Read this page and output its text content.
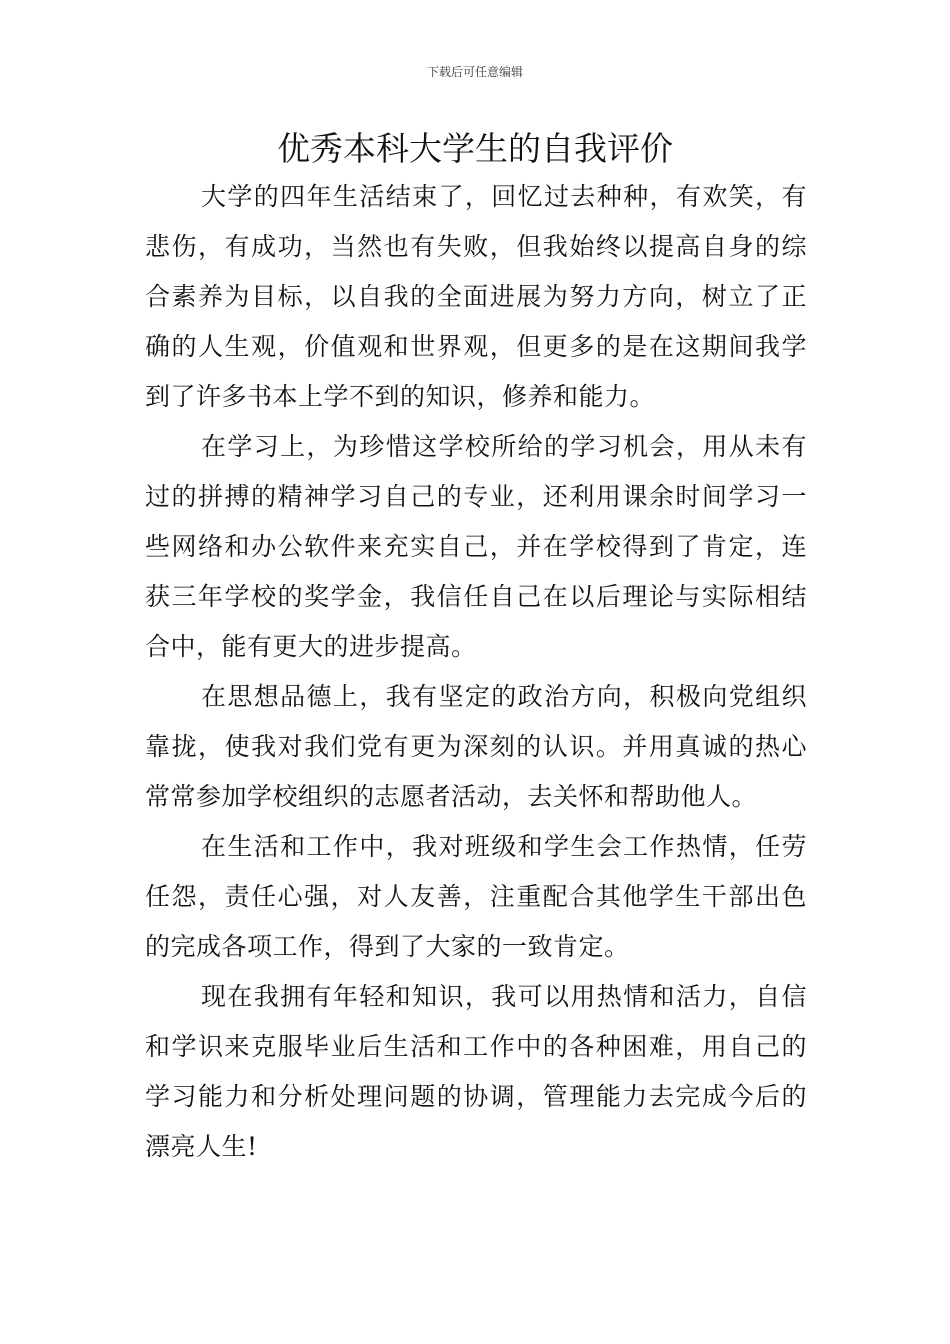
下载后可任意编辑
优秀本科大学生的自我评价

大学的四年生活结束了，回忆过去种种，有欢笑，有悲伤，有成功，当然也有失败，但我始终以提高自身的综合素养为目标，以自我的全面进展为努力方向，树立了正确的人生观，价值观和世界观，但更多的是在这期间我学到了许多书本上学不到的知识，修养和能力。

在学习上，为珍惜这学校所给的学习机会，用从未有过的拼搏的精神学习自己的专业，还利用课余时间学习一些网络和办公软件来充实自己，并在学校得到了肯定，连获三年学校的奖学金，我信任自己在以后理论与实际相结合中，能有更大的进步提高。

在思想品德上，我有坚定的政治方向，积极向党组织靠拢，使我对我们党有更为深刻的认识。并用真诚的热心常常参加学校组织的志愿者活动，去关怀和帮助他人。

在生活和工作中，我对班级和学生会工作热情，任劳任怨，责任心强，对人友善，注重配合其他学生干部出色的完成各项工作，得到了大家的一致肯定。

现在我拥有年轻和知识，我可以用热情和活力，自信和学识来克服毕业后生活和工作中的各种困难，用自己的学习能力和分析处理问题的协调，管理能力去完成今后的漂亮人生!
